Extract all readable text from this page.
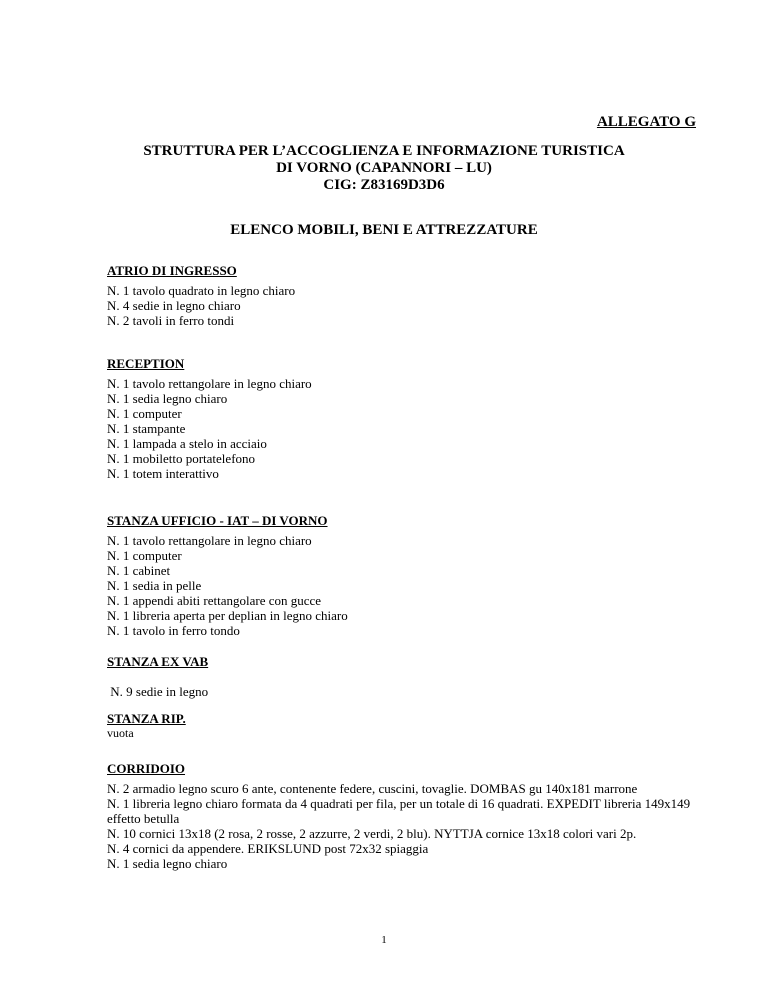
ALLEGATO G
STRUTTURA PER L’ACCOGLIENZA E INFORMAZIONE TURISTICA
DI VORNO (CAPANNORI – LU)
CIG: Z83169D3D6
ELENCO MOBILI, BENI E ATTREZZATURE
ATRIO DI INGRESSO
N. 1 tavolo quadrato in legno chiaro
N. 4 sedie in legno chiaro
N. 2 tavoli in ferro tondi
RECEPTION
N. 1 tavolo rettangolare in legno chiaro
N. 1 sedia legno chiaro
N. 1 computer
N. 1 stampante
N. 1 lampada a stelo in acciaio
N. 1 mobiletto portatelefono
N. 1 totem interattivo
STANZA UFFICIO - IAT – DI VORNO
N. 1 tavolo rettangolare in legno chiaro
N. 1 computer
N. 1 cabinet
N. 1 sedia in pelle
N. 1 appendi abiti rettangolare con gucce
N. 1 libreria aperta per deplian in legno chiaro
N. 1 tavolo in ferro tondo
STANZA EX VAB
N. 9 sedie in legno
STANZA RIP.
vuota
CORRIDOIO
N. 2 armadio legno scuro 6 ante, contenente federe, cuscini, tovaglie. DOMBAS gu 140x181 marrone
N. 1 libreria legno chiaro formata da 4 quadrati per fila, per un totale di 16 quadrati. EXPEDIT libreria 149x149
effetto betulla
N. 10 cornici 13x18 (2 rosa, 2 rosse, 2 azzurre, 2 verdi, 2 blu). NYTTJA cornice 13x18 colori vari 2p.
N. 4 cornici da appendere. ERIKSLUND post 72x32 spiaggia
N. 1 sedia legno chiaro
1
